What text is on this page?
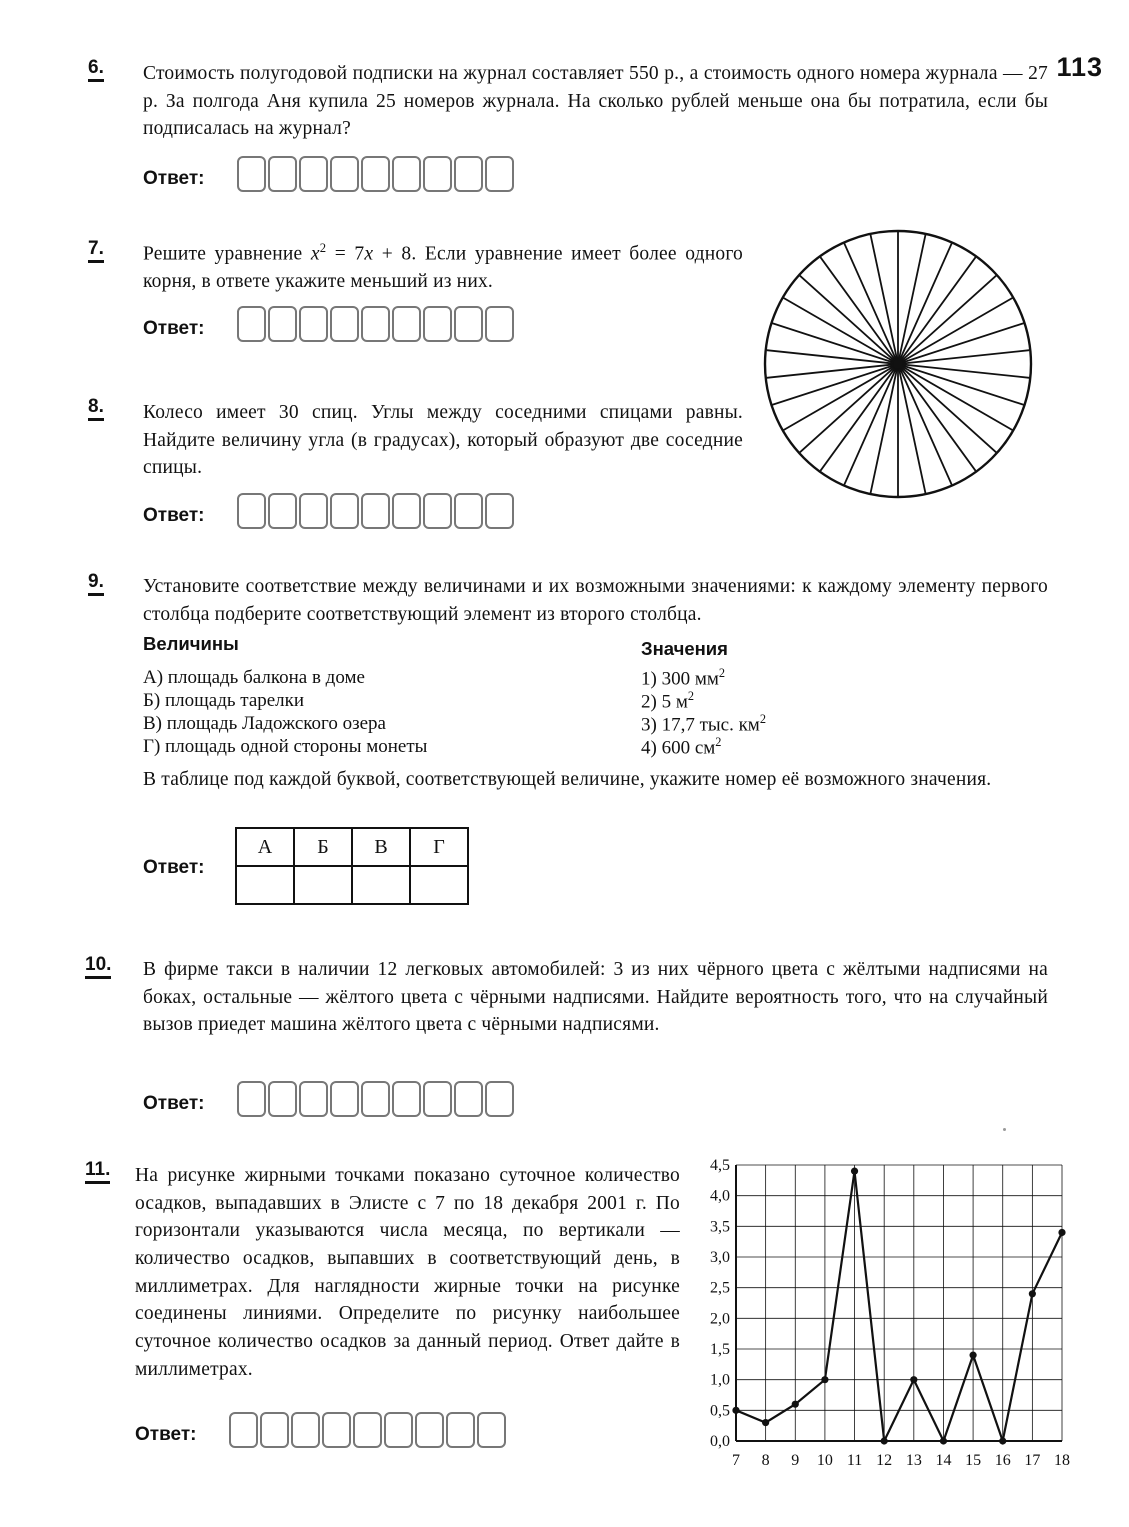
113
6. Стоимость полугодовой подписки на журнал составляет 550 р., а стоимость одного номера журнала — 27 р. За полгода Аня купила 25 номеров журнала. На сколько рублей меньше она бы потратила, если бы подписалась на журнал?
Ответ:
7. Решите уравнение $x^2 = 7x + 8$. Если уравнение имеет более одного корня, в ответе укажите меньший из них.
Ответ:
8. Колесо имеет 30 спиц. Углы между соседними спицами равны. Найдите величину угла (в градусах), который образуют две соседние спицы.
Ответ:
9. Установите соответствие между величинами и их возможными значениями: к каждому элементу первого столбца подберите соответствующий элемент из второго столбца.
Величины	Значения
А) площадь балкона в доме
Б) площадь тарелки
В) площадь Ладожского озера
Г) площадь одной стороны монеты
1) 300 $мм^2$
2) 5 $м^2$
3) 17,7 тыс. $км^2$
4) 600 $см^2$
В таблице под каждой буквой, соответствующей величине, укажите номер её возможного значения.
Ответ:
А	Б	В	Г

10. В фирме такси в наличии 12 легковых автомобилей: 3 из них чёрного цвета с жёлтыми надписями на боках, остальные — жёлтого цвета с чёрными надписями. Найдите вероятность того, что на случайный вызов приедет машина жёлтого цвета с чёрными надписями.
Ответ:
11. На рисунке жирными точками показано суточное количество осадков, выпадавших в Элисте с 7 по 18 декабря 2001 г. По горизонтали указываются числа месяца, по вертикали — количество осадков, выпавших в соответствующий день, в миллиметрах. Для наглядности жирные точки на рисунке соединены линиями. Определите по рисунку наибольшее суточное количество осадков за данный период. Ответ дайте в миллиметрах.
Ответ:	0,0
0,5
1,0
1,5
2,0
2,5
3,0
3,5
4,0
4,5
7 8 9 10 11 12 13 14 15 16 17 18
